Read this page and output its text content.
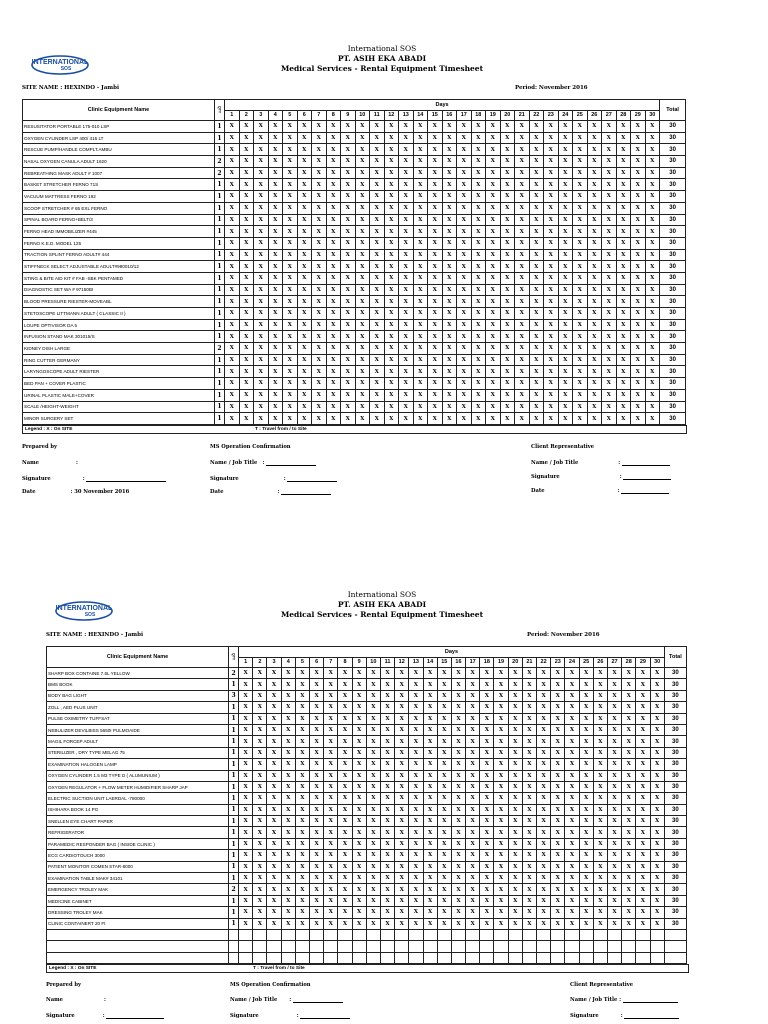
INTERNATIONAL
SOS
International SOS
PT. ASIH EKA ABADI
Medical Services - Rental Equipment Timesheet
SITE NAME : HEXINDO - Jambi	Period: November 2016
Clinic Equipment Name	QTY	Days																														Total
		1	2	3	4	5	6	7	8	9	10	11	12	13	14	15	16	17	18	19	20	21	22	23	24	25	26	27	28	29	30	
RESUSITATOR PORTABLE 175-010 LSP	1	X	X	X	X	X	X	X	X	X	X	X	X	X	X	X	X	X	X	X	X	X	X	X	X	X	X	X	X	X	X	30
OXYGEN CYLINDER LSP 400/ 415 LT	1	X	X	X	X	X	X	X	X	X	X	X	X	X	X	X	X	X	X	X	X	X	X	X	X	X	X	X	X	X	X	30
RESCUE PUMP/HANDLE COMPLT.AMBU	1	X	X	X	X	X	X	X	X	X	X	X	X	X	X	X	X	X	X	X	X	X	X	X	X	X	X	X	X	X	X	30
NASAL OXYGEN CANULA ADULT 1620	2	X	X	X	X	X	X	X	X	X	X	X	X	X	X	X	X	X	X	X	X	X	X	X	X	X	X	X	X	X	X	30
REBREATHING MASK ADULT # 1007	2	X	X	X	X	X	X	X	X	X	X	X	X	X	X	X	X	X	X	X	X	X	X	X	X	X	X	X	X	X	X	30
BASKET STRETCHER FERNO 71S	1	X	X	X	X	X	X	X	X	X	X	X	X	X	X	X	X	X	X	X	X	X	X	X	X	X	X	X	X	X	X	30
VACUUM MATTRESS FERNO 192	1	X	X	X	X	X	X	X	X	X	X	X	X	X	X	X	X	X	X	X	X	X	X	X	X	X	X	X	X	X	X	30
SCOOP STRETCHER # 65 EXL FERNO	1	X	X	X	X	X	X	X	X	X	X	X	X	X	X	X	X	X	X	X	X	X	X	X	X	X	X	X	X	X	X	30
SPINAL BOARD FERNO+BELT/3	1	X	X	X	X	X	X	X	X	X	X	X	X	X	X	X	X	X	X	X	X	X	X	X	X	X	X	X	X	X	X	30
FERNO HEAD IMMOBILIZER #445	1	X	X	X	X	X	X	X	X	X	X	X	X	X	X	X	X	X	X	X	X	X	X	X	X	X	X	X	X	X	X	30
FERNO K.E.D. MODEL 125	1	X	X	X	X	X	X	X	X	X	X	X	X	X	X	X	X	X	X	X	X	X	X	X	X	X	X	X	X	X	X	30
TRACTION SPLINT FERNO ADULT# 444	1	X	X	X	X	X	X	X	X	X	X	X	X	X	X	X	X	X	X	X	X	X	X	X	X	X	X	X	X	X	X	30
STIFFNECK SELECT ADJUSTABLE ADULT#980010/12	1	X	X	X	X	X	X	X	X	X	X	X	X	X	X	X	X	X	X	X	X	X	X	X	X	X	X	X	X	X	X	30
STING & BITE AID KIT # FAB -SBK PENTAMED	1	X	X	X	X	X	X	X	X	X	X	X	X	X	X	X	X	X	X	X	X	X	X	X	X	X	X	X	X	X	X	30
DIAGNOSTIC SET WA # 97150BI	1	X	X	X	X	X	X	X	X	X	X	X	X	X	X	X	X	X	X	X	X	X	X	X	X	X	X	X	X	X	X	30
BLOOD PRESSURE RIESTER-MOVEABL	1	X	X	X	X	X	X	X	X	X	X	X	X	X	X	X	X	X	X	X	X	X	X	X	X	X	X	X	X	X	X	30
STETOSCOPE LITTMANN ADULT ( CLASSIC II )	1	X	X	X	X	X	X	X	X	X	X	X	X	X	X	X	X	X	X	X	X	X	X	X	X	X	X	X	X	X	X	30
LOUPE OPTIVISOR DA 5	1	X	X	X	X	X	X	X	X	X	X	X	X	X	X	X	X	X	X	X	X	X	X	X	X	X	X	X	X	X	X	30
INFUSION STAND MAK 301015/S	1	X	X	X	X	X	X	X	X	X	X	X	X	X	X	X	X	X	X	X	X	X	X	X	X	X	X	X	X	X	X	30
KIDNEY DISH LARGE	2	X	X	X	X	X	X	X	X	X	X	X	X	X	X	X	X	X	X	X	X	X	X	X	X	X	X	X	X	X	X	30
RING CUTTER GERMANY	1	X	X	X	X	X	X	X	X	X	X	X	X	X	X	X	X	X	X	X	X	X	X	X	X	X	X	X	X	X	X	30
LARYNGOSCOPE ADULT RIESTER	1	X	X	X	X	X	X	X	X	X	X	X	X	X	X	X	X	X	X	X	X	X	X	X	X	X	X	X	X	X	X	30
BED PAN + COVER PLASTIC	1	X	X	X	X	X	X	X	X	X	X	X	X	X	X	X	X	X	X	X	X	X	X	X	X	X	X	X	X	X	X	30
URINAL PLASTIC MALE+COVER	1	X	X	X	X	X	X	X	X	X	X	X	X	X	X	X	X	X	X	X	X	X	X	X	X	X	X	X	X	X	X	30
SCALE /HEIGHT-WEIGHT	1	X	X	X	X	X	X	X	X	X	X	X	X	X	X	X	X	X	X	X	X	X	X	X	X	X	X	X	X	X	X	30
MINOR SURGERY SET	1	X	X	X	X	X	X	X	X	X	X	X	X	X	X	X	X	X	X	X	X	X	X	X	X	X	X	X	X	X	X	30
Legend : X : On SITE	T : Travel from / to Site
Prepared by	MS Operation Confirmation	Client Representative
Name	:	Name / Job Title :	Name / Job Title	:
Signature	:	Signature	:	Signature	:
Date	: 30 November 2016	Date	:	Date	:
INTERNATIONAL
SOS
International SOS
PT. ASIH EKA ABADI
Medical Services - Rental Equipment Timesheet
SITE NAME : HEXINDO - Jambi	Period: November 2016
Clinic Equipment Name	QTY	Days																														Total
		1	2	3	4	5	6	7	8	9	10	11	12	13	14	15	16	17	18	19	20	21	22	23	24	25	26	27	28	29	30	
SHARP BOX CONTAINE 7.6L YELLOW	2	X	X	X	X	X	X	X	X	X	X	X	X	X	X	X	X	X	X	X	X	X	X	X	X	X	X	X	X	X	X	30
BMS BOOK	1	X	X	X	X	X	X	X	X	X	X	X	X	X	X	X	X	X	X	X	X	X	X	X	X	X	X	X	X	X	X	30
BODY BAG LIGHT	3	X	X	X	X	X	X	X	X	X	X	X	X	X	X	X	X	X	X	X	X	X	X	X	X	X	X	X	X	X	X	30
ZOLL , AED PLUS UNIT	1	X	X	X	X	X	X	X	X	X	X	X	X	X	X	X	X	X	X	X	X	X	X	X	X	X	X	X	X	X	X	30
PULSE OXIMETRY TUFFSAT	1	X	X	X	X	X	X	X	X	X	X	X	X	X	X	X	X	X	X	X	X	X	X	X	X	X	X	X	X	X	X	30
NEBULIZER DEVILBISS 5650I PULMOAIDE	1	X	X	X	X	X	X	X	X	X	X	X	X	X	X	X	X	X	X	X	X	X	X	X	X	X	X	X	X	X	X	30
MAGIL FORCEP ADULT	1	X	X	X	X	X	X	X	X	X	X	X	X	X	X	X	X	X	X	X	X	X	X	X	X	X	X	X	X	X	X	30
STERILIZER , DRY TYPE MELAG 75	1	X	X	X	X	X	X	X	X	X	X	X	X	X	X	X	X	X	X	X	X	X	X	X	X	X	X	X	X	X	X	30
EXAMINATION HALOGEN LAMP	1	X	X	X	X	X	X	X	X	X	X	X	X	X	X	X	X	X	X	X	X	X	X	X	X	X	X	X	X	X	X	30
OXYGEN CYLINDER 1.5 M3 TYPE D ( ALUMUNIUM )	1	X	X	X	X	X	X	X	X	X	X	X	X	X	X	X	X	X	X	X	X	X	X	X	X	X	X	X	X	X	X	30
OXYGEN REGULATOR + FLOW METER HUMIDIFIER SHARP JAP	1	X	X	X	X	X	X	X	X	X	X	X	X	X	X	X	X	X	X	X	X	X	X	X	X	X	X	X	X	X	X	30
ELECTRIC SUCTION UNIT LAERDAL -780000	1	X	X	X	X	X	X	X	X	X	X	X	X	X	X	X	X	X	X	X	X	X	X	X	X	X	X	X	X	X	X	30
ISHIHARA BOOK 14 PG	1	X	X	X	X	X	X	X	X	X	X	X	X	X	X	X	X	X	X	X	X	X	X	X	X	X	X	X	X	X	X	30
SNELLEN EYE CHART PAPER	1	X	X	X	X	X	X	X	X	X	X	X	X	X	X	X	X	X	X	X	X	X	X	X	X	X	X	X	X	X	X	30
REFRIGERATOR	1	X	X	X	X	X	X	X	X	X	X	X	X	X	X	X	X	X	X	X	X	X	X	X	X	X	X	X	X	X	X	30
PARAMEDIC RESPONDER BAG ( INSIDE CLINIC )	1	X	X	X	X	X	X	X	X	X	X	X	X	X	X	X	X	X	X	X	X	X	X	X	X	X	X	X	X	X	X	30
ECG CARDIOTOUCH 3000	1	X	X	X	X	X	X	X	X	X	X	X	X	X	X	X	X	X	X	X	X	X	X	X	X	X	X	X	X	X	X	30
PATIENT MONITOR COMEN STAR-8000	1	X	X	X	X	X	X	X	X	X	X	X	X	X	X	X	X	X	X	X	X	X	X	X	X	X	X	X	X	X	X	30
EXAMINATION TABLE MAK# 34101	1	X	X	X	X	X	X	X	X	X	X	X	X	X	X	X	X	X	X	X	X	X	X	X	X	X	X	X	X	X	X	30
EMERGENCY TROLEY MAK	2	X	X	X	X	X	X	X	X	X	X	X	X	X	X	X	X	X	X	X	X	X	X	X	X	X	X	X	X	X	X	30
MEDICINE CABINET	1	X	X	X	X	X	X	X	X	X	X	X	X	X	X	X	X	X	X	X	X	X	X	X	X	X	X	X	X	X	X	30
DRESSING TROLEY MAK	1	X	X	X	X	X	X	X	X	X	X	X	X	X	X	X	X	X	X	X	X	X	X	X	X	X	X	X	X	X	X	30
CLINIC CONTAINERT 20 Ft	1	X	X	X	X	X	X	X	X	X	X	X	X	X	X	X	X	X	X	X	X	X	X	X	X	X	X	X	X	X	X	30

Legend : X : On SITE	T : Travel from / to Site
Prepared by	MS Operation Confirmation	Client Representative
Name	:	Name / Job Title :	Name / Job Title :
Signature	:	Signature	:	Signature	:
